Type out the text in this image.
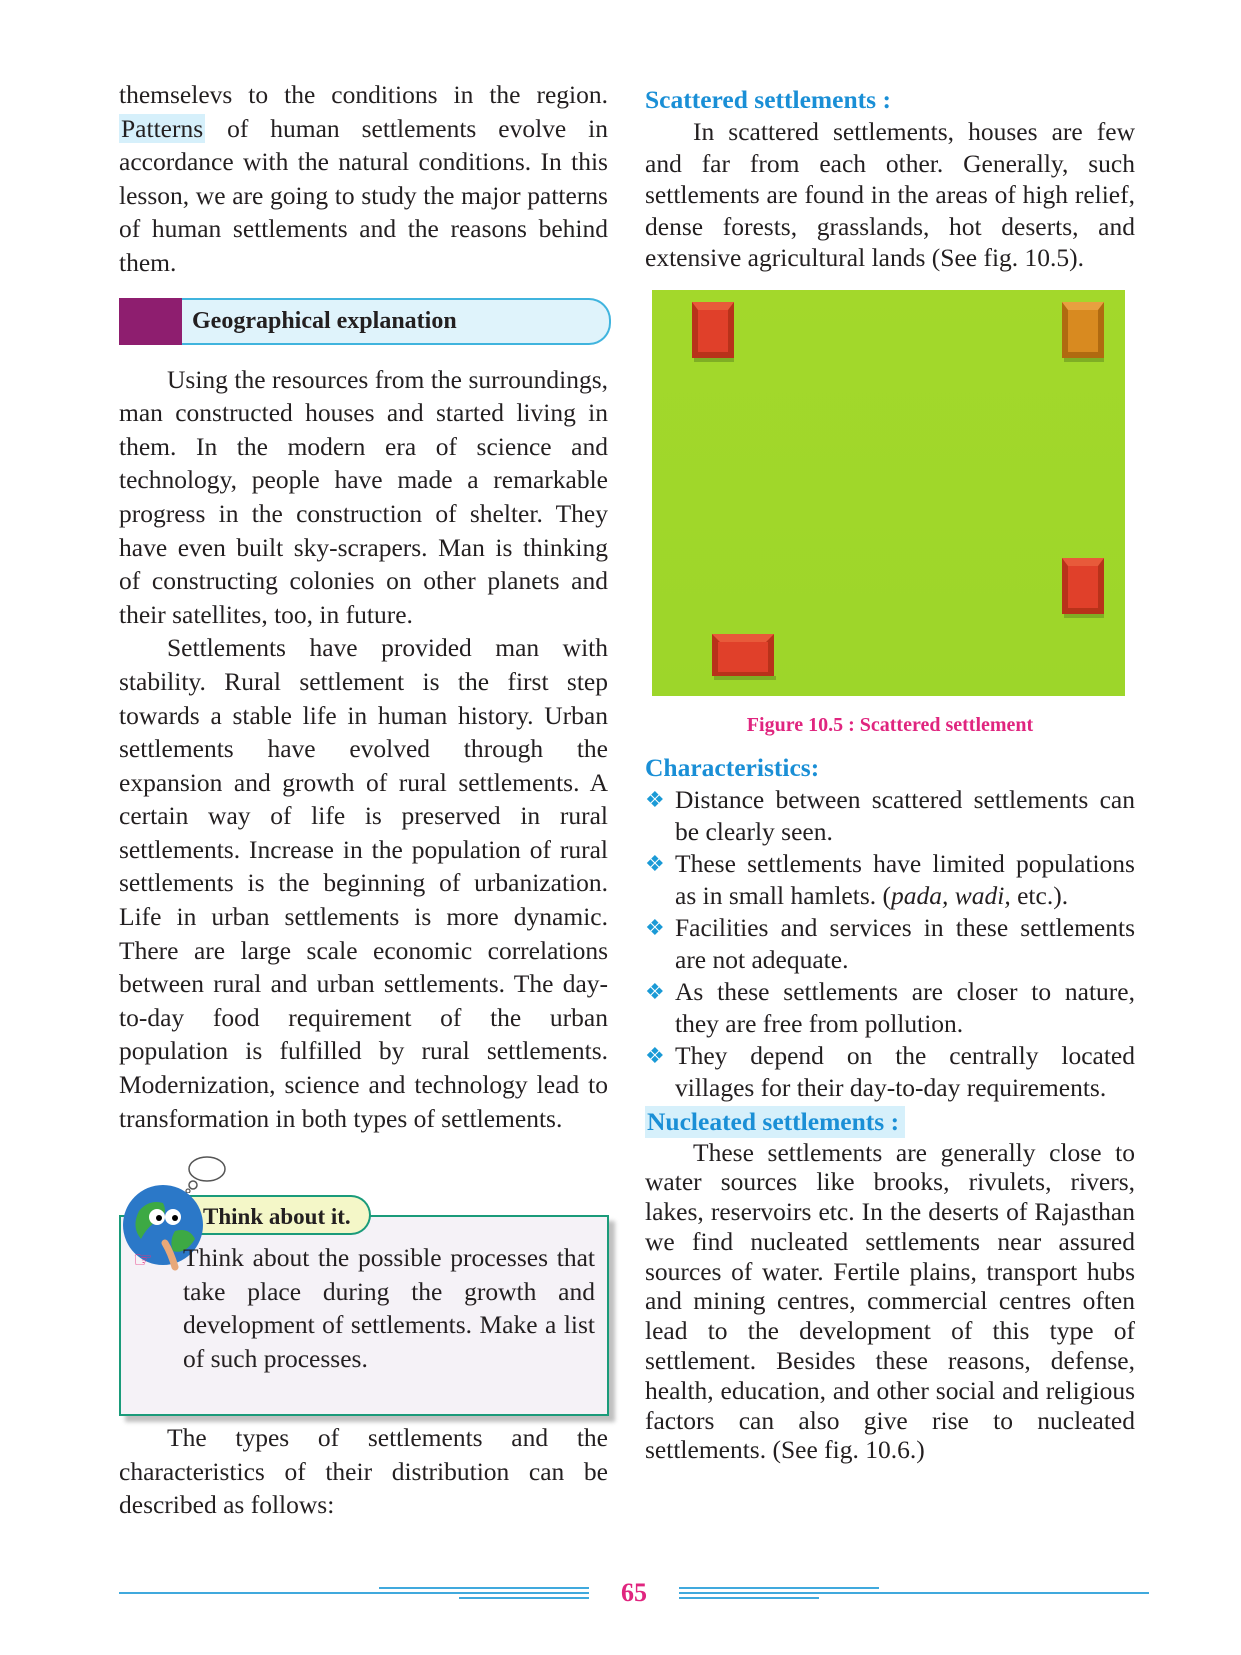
themselevs to the conditions in the region. Patterns of human settlements evolve in accordance with the natural conditions. In this lesson, we are going to study the major patterns of human settlements and the reasons behind them.

Geographical explanation

Using the resources from the surroundings, man constructed houses and started living in them. In the modern era of science and technology, people have made a remarkable progress in the construction of shelter. They have even built sky-scrapers. Man is thinking of constructing colonies on other planets and their satellites, too, in future.

Settlements have provided man with stability. Rural settlement is the first step towards a stable life in human history. Urban settlements have evolved through the expansion and growth of rural settlements. A certain way of life is preserved in rural settlements. Increase in the population of rural settlements is the beginning of urbanization. Life in urban settlements is more dynamic. There are large scale economic correlations between rural and urban settlements. The day-to-day food requirement of the urban population is fulfilled by rural settlements. Modernization, science and technology lead to transformation in both types of settlements.

Think about it.
☞ Think about the possible processes that take place during the growth and development of settlements. Make a list of such processes.

The types of settlements and the characteristics of their distribution can be described as follows:

Scattered settlements :

In scattered settlements, houses are few and far from each other. Generally, such settlements are found in the areas of high relief, dense forests, grasslands, hot deserts, and extensive agricultural lands (See fig. 10.5).

Figure 10.5 : Scattered settlement
Characteristics:
❖ Distance between scattered settlements can be clearly seen.
❖ These settlements have limited populations as in small hamlets. (pada, wadi, etc.).
❖ Facilities and services in these settlements are not adequate.
❖ As these settlements are closer to nature, they are free from pollution.
❖ They depend on the centrally located villages for their day-to-day requirements.
Nucleated settlements :

These settlements are generally close to water sources like brooks, rivulets, rivers, lakes, reservoirs etc. In the deserts of Rajasthan we find nucleated settlements near assured sources of water. Fertile plains, transport hubs and mining centres, commercial centres often lead to the development of this type of settlement. Besides these reasons, defense, health, education, and other social and religious factors can also give rise to nucleated settlements. (See fig. 10.6.)

65
